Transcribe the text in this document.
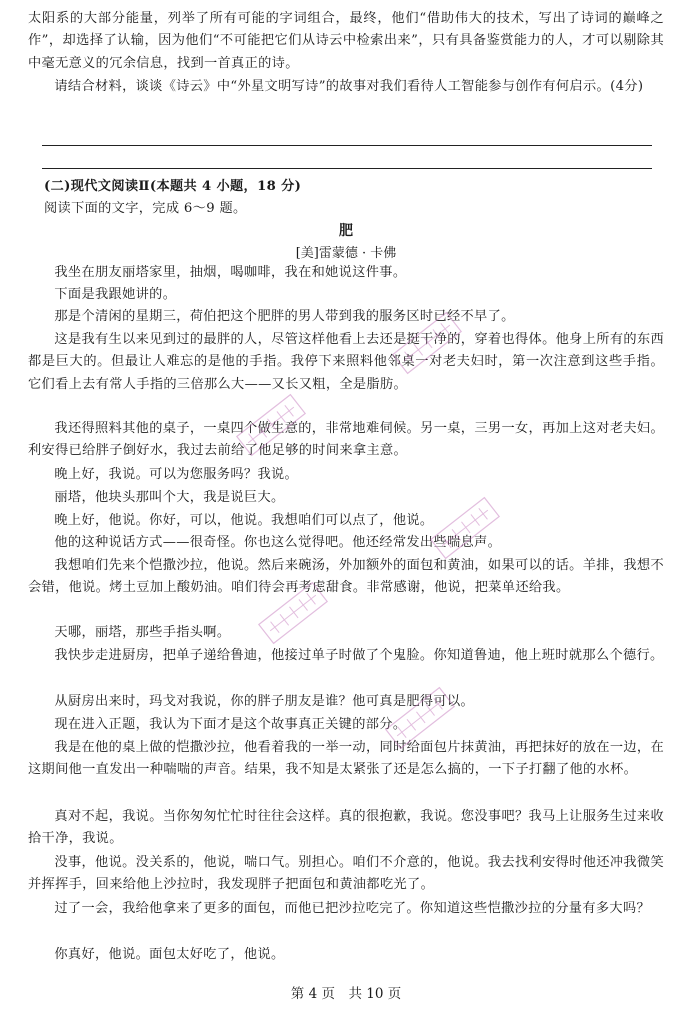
太阳系的大部分能量，列举了所有可能的字词组合，最终，他们“借助伟大的技术，写出了诗词的巅峰之作”，却选择了认输，因为他们“不可能把它们从诗云中检索出来”，只有具备鉴赏能力的人，才可以剔除其中毫无意义的冗余信息，找到一首真正的诗。

请结合材料，谈谈《诗云》中“外星文明写诗”的故事对我们看待人工智能参与创作有何启示。(4分)

(二)现代文阅读Ⅱ(本题共 4 小题，18 分)

阅读下面的文字，完成 6～9 题。

肥
[美]雷蒙德 · 卡佛

我坐在朋友丽塔家里，抽烟，喝咖啡，我在和她说这件事。

下面是我跟她讲的。

那是个清闲的星期三，荷伯把这个肥胖的男人带到我的服务区时已经不早了。

这是我有生以来见到过的最胖的人，尽管这样他看上去还是挺干净的，穿着也得体。他身上所有的东西都是巨大的。但最让人难忘的是他的手指。我停下来照料他邻桌一对老夫妇时，第一次注意到这些手指。它们看上去有常人手指的三倍那么大——又长又粗，全是脂肪。

我还得照料其他的桌子，一桌四个做生意的，非常地难伺候。另一桌，三男一女，再加上这对老夫妇。利安得已给胖子倒好水，我过去前给了他足够的时间来拿主意。

晚上好，我说。可以为您服务吗？我说。

丽塔，他块头那叫个大，我是说巨大。

晚上好，他说。你好，可以，他说。我想咱们可以点了，他说。

他的这种说话方式——很奇怪。你也这么觉得吧。他还经常发出些喘息声。

我想咱们先来个恺撒沙拉，他说。然后来碗汤，外加额外的面包和黄油，如果可以的话。羊排，我想不会错，他说。烤土豆加上酸奶油。咱们待会再考虑甜食。非常感谢，他说，把菜单还给我。

天哪，丽塔，那些手指头啊。

我快步走进厨房，把单子递给鲁迪，他接过单子时做了个鬼脸。你知道鲁迪，他上班时就那么个德行。

从厨房出来时，玛戈对我说，你的胖子朋友是谁？他可真是肥得可以。

现在进入正题，我认为下面才是这个故事真正关键的部分。

我是在他的桌上做的恺撒沙拉，他看着我的一举一动，同时给面包片抹黄油，再把抹好的放在一边，在这期间他一直发出一种喘喘的声音。结果，我不知是太紧张了还是怎么搞的，一下子打翻了他的水杯。

真对不起，我说。当你匆匆忙忙时往往会这样。真的很抱歉，我说。您没事吧？我马上让服务生过来收拾干净，我说。

没事，他说。没关系的，他说，喘口气。别担心。咱们不介意的，他说。我去找利安得时他还冲我微笑并挥挥手，回来给他上沙拉时，我发现胖子把面包和黄油都吃光了。

过了一会，我给他拿来了更多的面包，而他已把沙拉吃完了。你知道这些恺撒沙拉的分量有多大吗？

你真好，他说。面包太好吃了，他说。

第 4 页　共 10 页
